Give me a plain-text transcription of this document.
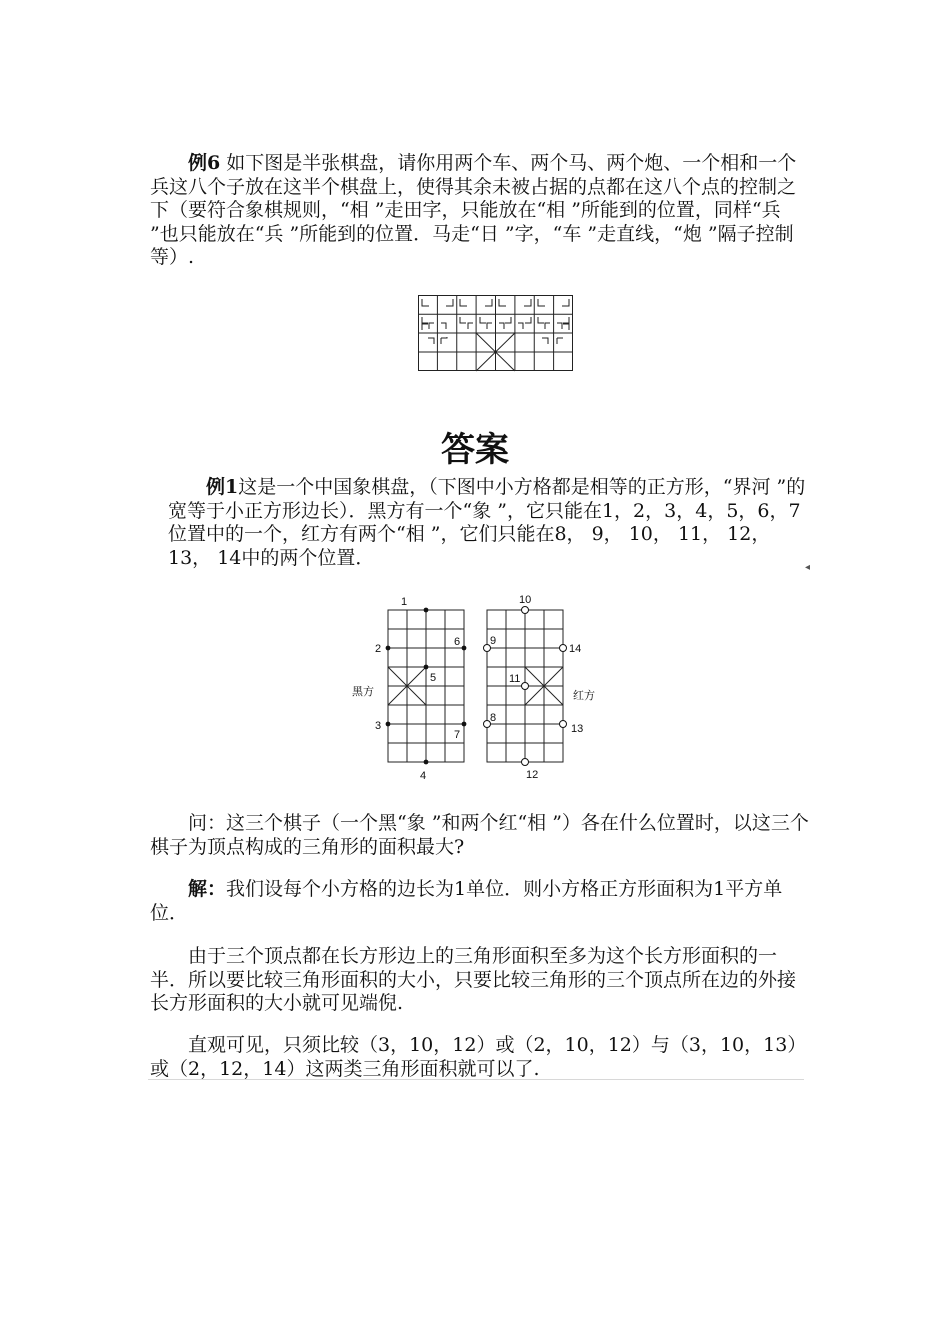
例6 如下图是半张棋盘，请你用两个车、两个马、两个炮、一个相和一个兵这八个子放在这半个棋盘上，使得其余未被占据的点都在这八个点的控制之下（要符合象棋规则，“相 ”走田字，只能放在“相 ”所能到的位置，同样“兵 ”也只能放在“兵 ”所能到的位置．马走“日 ”字，“车 ”走直线，“炮 ”隔子控制等）.

答案

例1这是一个中国象棋盘，（下图中小方格都是相等的正方形，“界河 ”的宽等于小正方形边长）．黑方有一个“象 ”，它只能在1，2，3，4，5，6，7位置中的一个，红方有两个“相 ”，它们只能在8， 9， 10， 11， 12， 13， 14中的两个位置．	◂
1
2
3
4
5
6
7
8
9
10
11
12
13
14
黑方	红方

问：这三个棋子（一个黑“象 ”和两个红“相 ”）各在什么位置时，以这三个棋子为顶点构成的三角形的面积最大?

解：我们设每个小方格的边长为1单位．则小方格正方形面积为1平方单位．

由于三个顶点都在长方形边上的三角形面积至多为这个长方形面积的一半．所以要比较三角形面积的大小，只要比较三角形的三个顶点所在边的外接长方形面积的大小就可见端倪.

直观可见，只须比较（3，10，12）或（2，10，12）与（3，10，13）或（2，12，14）这两类三角形面积就可以了.
